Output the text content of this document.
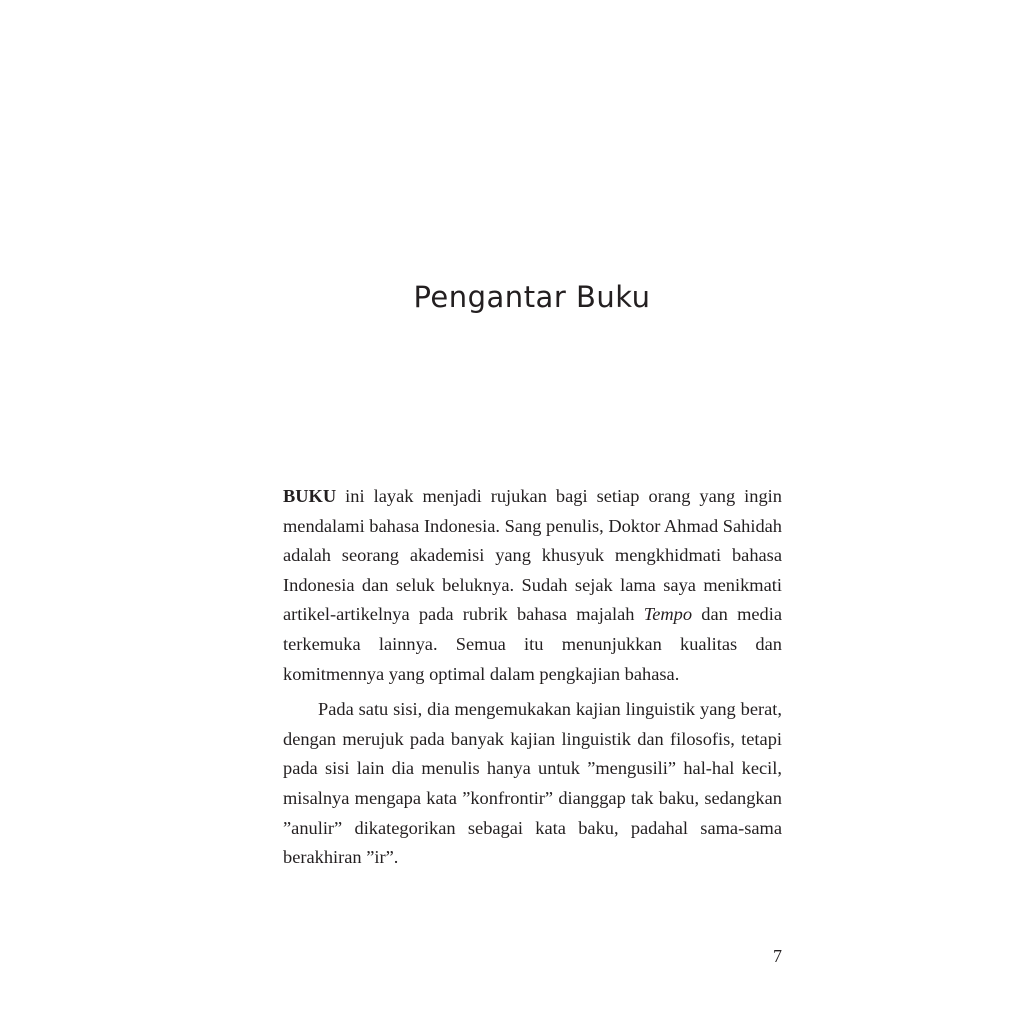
Pengantar Buku

BUKU ini layak menjadi rujukan bagi setiap orang yang ingin mendalami bahasa Indonesia. Sang penulis, Doktor Ahmad Sahidah adalah seorang akademisi yang khusyuk mengkhidmati bahasa Indonesia dan seluk beluknya. Sudah sejak lama saya menikmati artikel-artikelnya pada rubrik bahasa majalah Tempo dan media terkemuka lainnya. Semua itu menunjukkan kualitas dan komitmennya yang optimal dalam pengkajian bahasa.

Pada satu sisi, dia mengemukakan kajian linguistik yang berat, dengan merujuk pada banyak kajian linguistik dan filosofis, tetapi pada sisi lain dia menulis hanya untuk ”mengusili” hal-hal kecil, misalnya mengapa kata ”konfrontir” dianggap tak baku, sedangkan ”anulir” dikategorikan sebagai kata baku, padahal sama-sama berakhiran ”ir”.

7
